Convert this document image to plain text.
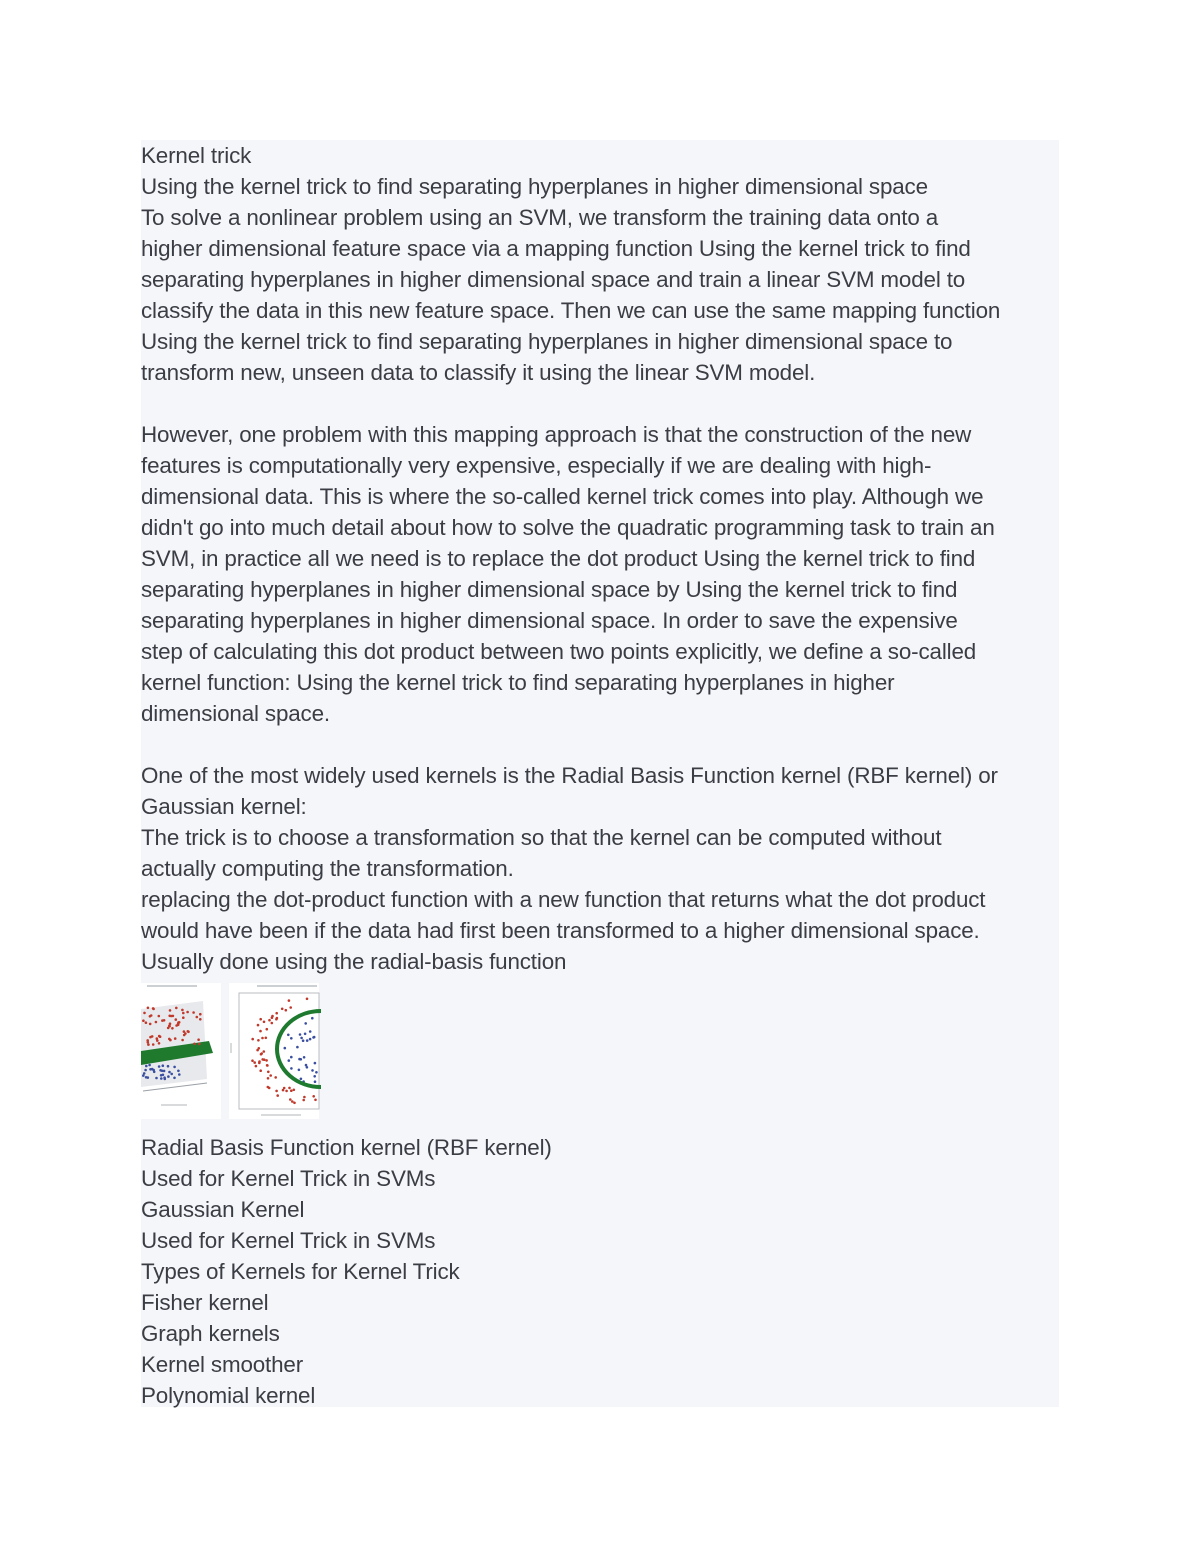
Kernel trick
Using the kernel trick to find separating hyperplanes in higher dimensional space
To solve a nonlinear problem using an SVM, we transform the training data onto a
higher dimensional feature space via a mapping function Using the kernel trick to find
separating hyperplanes in higher dimensional space and train a linear SVM model to
classify the data in this new feature space. Then we can use the same mapping function
Using the kernel trick to find separating hyperplanes in higher dimensional space to
transform new, unseen data to classify it using the linear SVM model.
However, one problem with this mapping approach is that the construction of the new
features is computationally very expensive, especially if we are dealing with high-
dimensional data. This is where the so-called kernel trick comes into play. Although we
didn't go into much detail about how to solve the quadratic programming task to train an
SVM, in practice all we need is to replace the dot product Using the kernel trick to find
separating hyperplanes in higher dimensional space by Using the kernel trick to find
separating hyperplanes in higher dimensional space. In order to save the expensive
step of calculating this dot product between two points explicitly, we define a so-called
kernel function: Using the kernel trick to find separating hyperplanes in higher
dimensional space.
One of the most widely used kernels is the Radial Basis Function kernel (RBF kernel) or
Gaussian kernel:
The trick is to choose a transformation so that the kernel can be computed without
actually computing the transformation.
replacing the dot-product function with a new function that returns what the dot product
would have been if the data had first been transformed to a higher dimensional space.
Usually done using the radial-basis function
Radial Basis Function kernel (RBF kernel)
Used for Kernel Trick in SVMs
Gaussian Kernel
Used for Kernel Trick in SVMs
Types of Kernels for Kernel Trick
Fisher kernel
Graph kernels
Kernel smoother
Polynomial kernel
